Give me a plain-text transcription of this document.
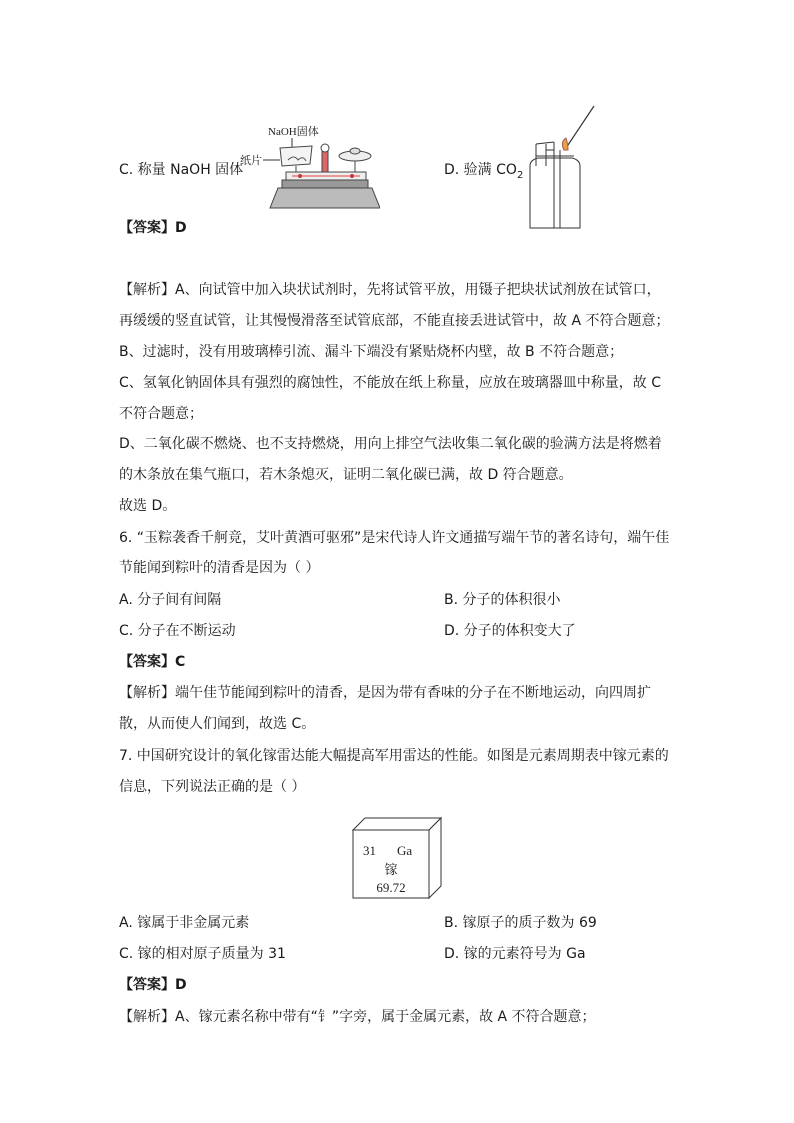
NaOH固体
纸片
C. 称量 NaOH 固体	D. 验满 $CO_2$
【答案】D
【解析】A、向试管中加入块状试剂时，先将试管平放，用镊子把块状试剂放在试管口，
再缓缓的竖直试管，让其慢慢滑落至试管底部，不能直接丢进试管中，故 A 不符合题意；
B、过滤时，没有用玻璃棒引流、漏斗下端没有紧贴烧杯内壁，故 B 不符合题意；
C、氢氧化钠固体具有强烈的腐蚀性，不能放在纸上称量，应放在玻璃器皿中称量，故 C
不符合题意；
D、二氧化碳不燃烧、也不支持燃烧，用向上排空气法收集二氧化碳的验满方法是将燃着
的木条放在集气瓶口，若木条熄灭，证明二氧化碳已满，故 D 符合题意。
故选 D。
6. “玉粽袭香千舸竞，艾叶黄酒可驱邪”是宋代诗人许文通描写端午节的著名诗句，端午佳
节能闻到粽叶的清香是因为（ ）
A. 分子间有间隔	B. 分子的体积很小
C. 分子在不断运动	D. 分子的体积变大了
【答案】C
【解析】端午佳节能闻到粽叶的清香，是因为带有香味的分子在不断地运动，向四周扩
散，从而使人们闻到，故选 C。
7. 中国研究设计的氧化镓雷达能大幅提高军用雷达的性能。如图是元素周期表中镓元素的
信息，下列说法正确的是（ ）
31 Ga
镓
69.72
A. 镓属于非金属元素	B. 镓原子的质子数为 69
C. 镓的相对原子质量为 31	D. 镓的元素符号为 Ga
【答案】D
【解析】A、镓元素名称中带有“钅”字旁，属于金属元素，故 A 不符合题意；
